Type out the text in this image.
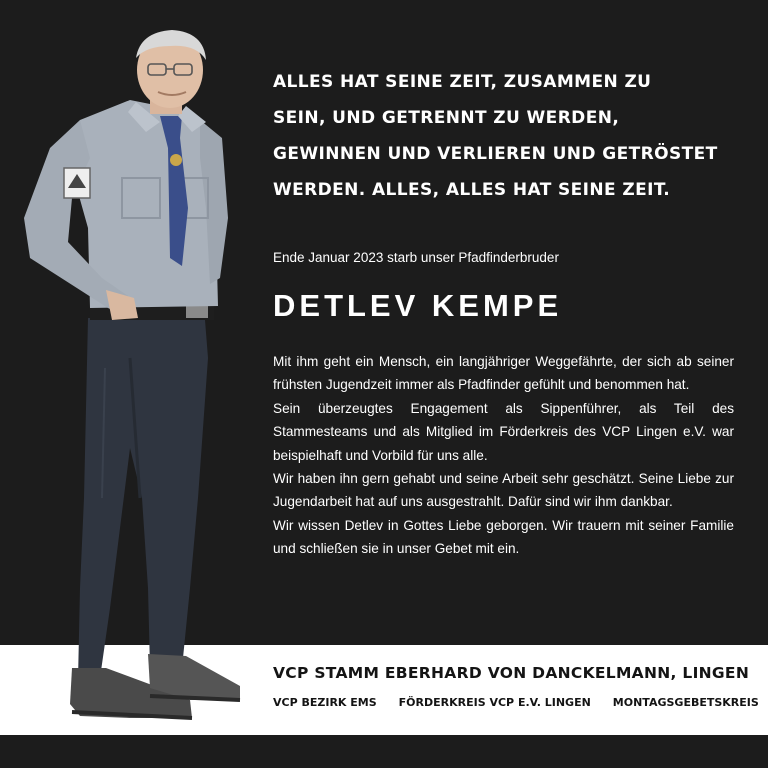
ALLES HAT SEINE ZEIT, ZUSAMMEN ZU
SEIN, UND GETRENNT ZU WERDEN,
GEWINNEN UND VERLIEREN UND GETRÖSTET
WERDEN. ALLES, ALLES HAT SEINE ZEIT.

Ende Januar 2023 starb unser Pfadfinderbruder

DETLEV KEMPE

Mit ihm geht ein Mensch, ein langjähriger Weggefährte, der sich ab seiner frühsten Jugendzeit immer als Pfadfinder gefühlt und benommen hat.

Sein überzeugtes Engagement als Sippenführer, als Teil des Stammesteams und als Mitglied im Förderkreis des VCP Lingen e.V. war beispielhaft und Vorbild für uns alle.

Wir haben ihn gern gehabt und seine Arbeit sehr geschätzt. Seine Liebe zur Jugendarbeit hat auf uns ausgestrahlt. Dafür sind wir ihm dankbar.

Wir wissen Detlev in Gottes Liebe geborgen. Wir trauern mit seiner Familie und schließen sie in unser Gebet mit ein.

VCP STAMM EBERHARD VON DANCKELMANN, LINGEN

VCP BEZIRK EMS FÖRDERKREIS VCP E.V. LINGEN MONTAGSGEBETSKREIS
